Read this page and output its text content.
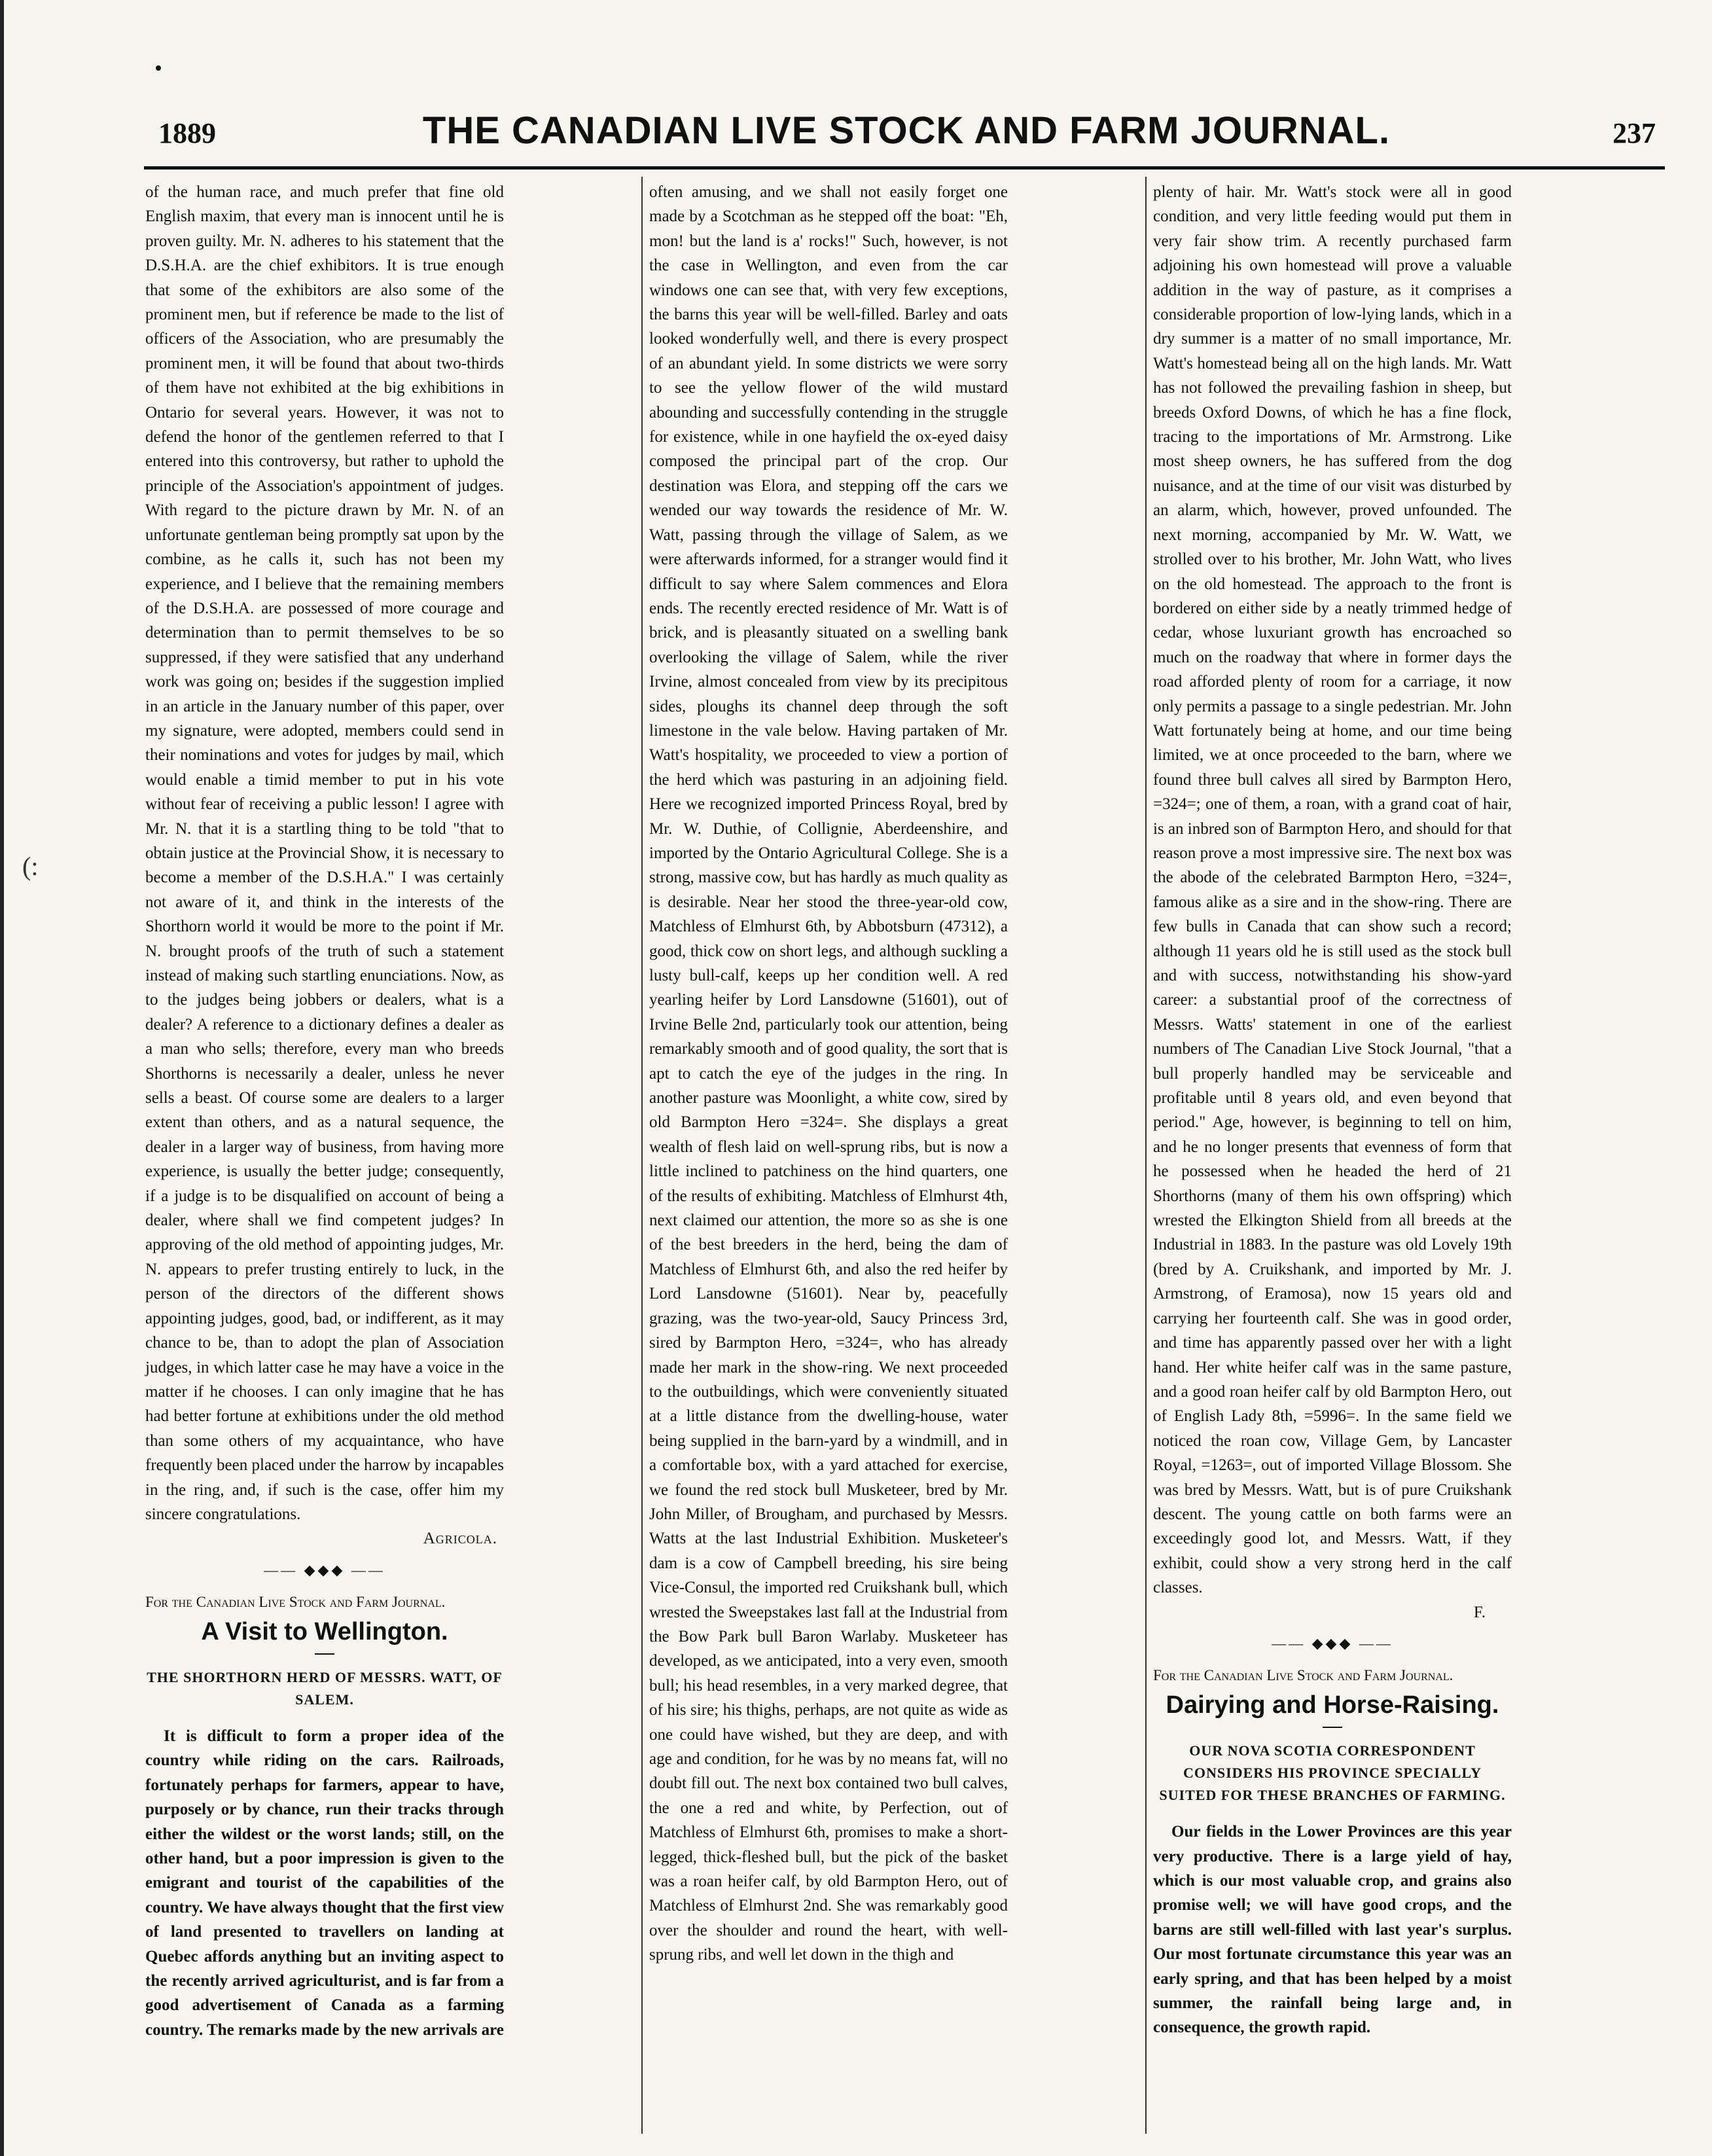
(:
1889	THE CANADIAN LIVE STOCK AND FARM JOURNAL.	237

of the human race, and much prefer that fine old English maxim, that every man is innocent until he is proven guilty. Mr. N. adheres to his statement that the D.S.H.A. are the chief exhibitors. It is true enough that some of the exhibitors are also some of the prominent men, but if reference be made to the list of officers of the Association, who are presumably the prominent men, it will be found that about two-thirds of them have not exhibited at the big exhibitions in Ontario for several years. However, it was not to defend the honor of the gentlemen referred to that I entered into this controversy, but rather to uphold the principle of the Association's appointment of judges. With regard to the picture drawn by Mr. N. of an unfortunate gentleman being promptly sat upon by the combine, as he calls it, such has not been my experience, and I believe that the remaining members of the D.S.H.A. are possessed of more courage and determination than to permit themselves to be so suppressed, if they were satisfied that any underhand work was going on; besides if the suggestion implied in an article in the January number of this paper, over my signature, were adopted, members could send in their nominations and votes for judges by mail, which would enable a timid member to put in his vote without fear of receiving a public lesson! I agree with Mr. N. that it is a startling thing to be told "that to obtain justice at the Provincial Show, it is necessary to become a member of the D.S.H.A." I was certainly not aware of it, and think in the interests of the Shorthorn world it would be more to the point if Mr. N. brought proofs of the truth of such a statement instead of making such startling enunciations. Now, as to the judges being jobbers or dealers, what is a dealer? A reference to a dictionary defines a dealer as a man who sells; therefore, every man who breeds Shorthorns is necessarily a dealer, unless he never sells a beast. Of course some are dealers to a larger extent than others, and as a natural sequence, the dealer in a larger way of business, from having more experience, is usually the better judge; consequently, if a judge is to be disqualified on account of being a dealer, where shall we find competent judges? In approving of the old method of appointing judges, Mr. N. appears to prefer trusting entirely to luck, in the person of the directors of the different shows appointing judges, good, bad, or indifferent, as it may chance to be, than to adopt the plan of Association judges, in which latter case he may have a voice in the matter if he chooses. I can only imagine that he has had better fortune at exhibitions under the old method than some others of my acquaintance, who have frequently been placed under the harrow by incapables in the ring, and, if such is the case, offer him my sincere congratulations.

Agricola.

—— ◆◆◆ ——

For the Canadian Live Stock and Farm Journal.

A Visit to Wellington.
THE SHORTHORN HERD OF MESSRS. WATT, OF SALEM.

It is difficult to form a proper idea of the country while riding on the cars. Railroads, fortunately perhaps for farmers, appear to have, purposely or by chance, run their tracks through either the wildest or the worst lands; still, on the other hand, but a poor impression is given to the emigrant and tourist of the capabilities of the country. We have always thought that the first view of land presented to travellers on landing at Quebec affords anything but an inviting aspect to the recently arrived agriculturist, and is far from a good advertisement of Canada as a farming country. The remarks made by the new arrivals are

often amusing, and we shall not easily forget one made by a Scotchman as he stepped off the boat: "Eh, mon! but the land is a' rocks!" Such, however, is not the case in Wellington, and even from the car windows one can see that, with very few exceptions, the barns this year will be well-filled. Barley and oats looked wonderfully well, and there is every prospect of an abundant yield. In some districts we were sorry to see the yellow flower of the wild mustard abounding and successfully contending in the struggle for existence, while in one hayfield the ox-eyed daisy composed the principal part of the crop. Our destination was Elora, and stepping off the cars we wended our way towards the residence of Mr. W. Watt, passing through the village of Salem, as we were afterwards informed, for a stranger would find it difficult to say where Salem commences and Elora ends. The recently erected residence of Mr. Watt is of brick, and is pleasantly situated on a swelling bank overlooking the village of Salem, while the river Irvine, almost concealed from view by its precipitous sides, ploughs its channel deep through the soft limestone in the vale below. Having partaken of Mr. Watt's hospitality, we proceeded to view a portion of the herd which was pasturing in an adjoining field. Here we recognized imported Princess Royal, bred by Mr. W. Duthie, of Collignie, Aberdeenshire, and imported by the Ontario Agricultural College. She is a strong, massive cow, but has hardly as much quality as is desirable. Near her stood the three-year-old cow, Matchless of Elmhurst 6th, by Abbotsburn (47312), a good, thick cow on short legs, and although suckling a lusty bull-calf, keeps up her condition well. A red yearling heifer by Lord Lansdowne (51601), out of Irvine Belle 2nd, particularly took our attention, being remarkably smooth and of good quality, the sort that is apt to catch the eye of the judges in the ring. In another pasture was Moonlight, a white cow, sired by old Barmpton Hero =324=. She displays a great wealth of flesh laid on well-sprung ribs, but is now a little inclined to patchiness on the hind quarters, one of the results of exhibiting. Matchless of Elmhurst 4th, next claimed our attention, the more so as she is one of the best breeders in the herd, being the dam of Matchless of Elmhurst 6th, and also the red heifer by Lord Lansdowne (51601). Near by, peacefully grazing, was the two-year-old, Saucy Princess 3rd, sired by Barmpton Hero, =324=, who has already made her mark in the show-ring. We next proceeded to the outbuildings, which were conveniently situated at a little distance from the dwelling-house, water being supplied in the barn-yard by a windmill, and in a comfortable box, with a yard attached for exercise, we found the red stock bull Musketeer, bred by Mr. John Miller, of Brougham, and purchased by Messrs. Watts at the last Industrial Exhibition. Musketeer's dam is a cow of Campbell breeding, his sire being Vice-Consul, the imported red Cruikshank bull, which wrested the Sweepstakes last fall at the Industrial from the Bow Park bull Baron Warlaby. Musketeer has developed, as we anticipated, into a very even, smooth bull; his head resembles, in a very marked degree, that of his sire; his thighs, perhaps, are not quite as wide as one could have wished, but they are deep, and with age and condition, for he was by no means fat, will no doubt fill out. The next box contained two bull calves, the one a red and white, by Perfection, out of Matchless of Elmhurst 6th, promises to make a short-legged, thick-fleshed bull, but the pick of the basket was a roan heifer calf, by old Barmpton Hero, out of Matchless of Elmhurst 2nd. She was remarkably good over the shoulder and round the heart, with well-sprung ribs, and well let down in the thigh and

plenty of hair. Mr. Watt's stock were all in good condition, and very little feeding would put them in very fair show trim. A recently purchased farm adjoining his own homestead will prove a valuable addition in the way of pasture, as it comprises a considerable proportion of low-lying lands, which in a dry summer is a matter of no small importance, Mr. Watt's homestead being all on the high lands. Mr. Watt has not followed the prevailing fashion in sheep, but breeds Oxford Downs, of which he has a fine flock, tracing to the importations of Mr. Armstrong. Like most sheep owners, he has suffered from the dog nuisance, and at the time of our visit was disturbed by an alarm, which, however, proved unfounded. The next morning, accompanied by Mr. W. Watt, we strolled over to his brother, Mr. John Watt, who lives on the old homestead. The approach to the front is bordered on either side by a neatly trimmed hedge of cedar, whose luxuriant growth has encroached so much on the roadway that where in former days the road afforded plenty of room for a carriage, it now only permits a passage to a single pedestrian. Mr. John Watt fortunately being at home, and our time being limited, we at once proceeded to the barn, where we found three bull calves all sired by Barmpton Hero, =324=; one of them, a roan, with a grand coat of hair, is an inbred son of Barmpton Hero, and should for that reason prove a most impressive sire. The next box was the abode of the celebrated Barmpton Hero, =324=, famous alike as a sire and in the show-ring. There are few bulls in Canada that can show such a record; although 11 years old he is still used as the stock bull and with success, notwithstanding his show-yard career: a substantial proof of the correctness of Messrs. Watts' statement in one of the earliest numbers of The Canadian Live Stock Journal, "that a bull properly handled may be serviceable and profitable until 8 years old, and even beyond that period." Age, however, is beginning to tell on him, and he no longer presents that evenness of form that he possessed when he headed the herd of 21 Shorthorns (many of them his own offspring) which wrested the Elkington Shield from all breeds at the Industrial in 1883. In the pasture was old Lovely 19th (bred by A. Cruikshank, and imported by Mr. J. Armstrong, of Eramosa), now 15 years old and carrying her fourteenth calf. She was in good order, and time has apparently passed over her with a light hand. Her white heifer calf was in the same pasture, and a good roan heifer calf by old Barmpton Hero, out of English Lady 8th, =5996=. In the same field we noticed the roan cow, Village Gem, by Lancaster Royal, =1263=, out of imported Village Blossom. She was bred by Messrs. Watt, but is of pure Cruikshank descent. The young cattle on both farms were an exceedingly good lot, and Messrs. Watt, if they exhibit, could show a very strong herd in the calf classes.

F.

—— ◆◆◆ ——

For the Canadian Live Stock and Farm Journal.

Dairying and Horse-Raising.
OUR NOVA SCOTIA CORRESPONDENT CONSIDERS HIS PROVINCE SPECIALLY SUITED FOR THESE BRANCHES OF FARMING.

Our fields in the Lower Provinces are this year very productive. There is a large yield of hay, which is our most valuable crop, and grains also promise well; we will have good crops, and the barns are still well-filled with last year's surplus. Our most fortunate circumstance this year was an early spring, and that has been helped by a moist summer, the rainfall being large and, in consequence, the growth rapid.
